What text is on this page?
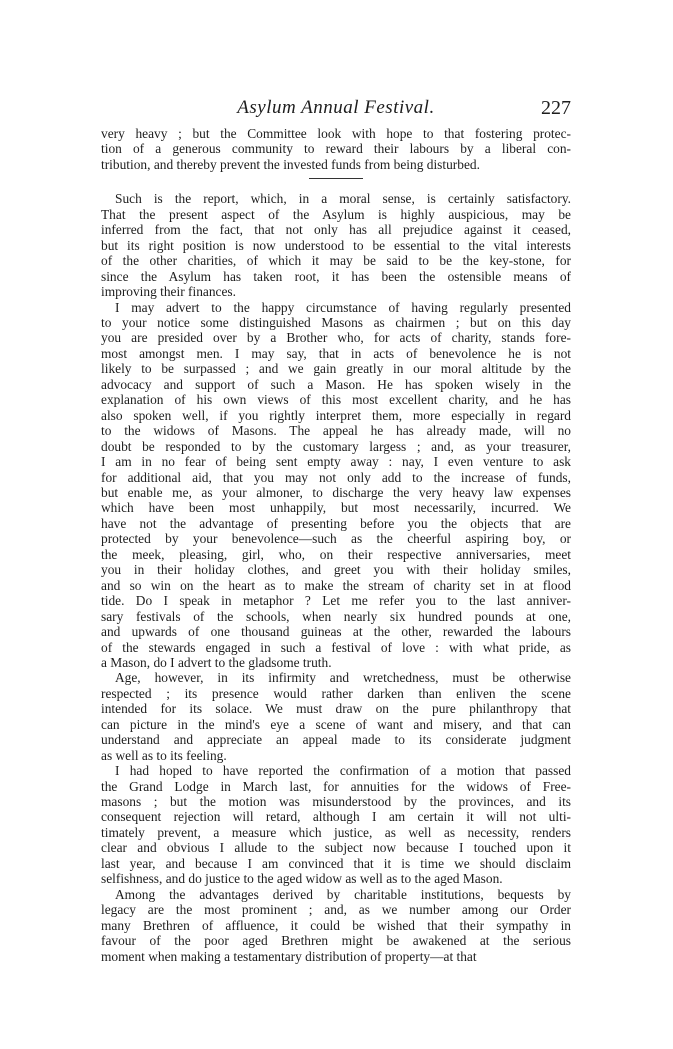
Asylum Annual Festival.	227
very heavy ; but the Committee look with hope to that fostering protec-
tion of a generous community to reward their labours by a liberal con-
tribution, and thereby prevent the invested funds from being disturbed.
Such is the report, which, in a moral sense, is certainly satisfactory.
That the present aspect of the Asylum is highly auspicious, may be
inferred from the fact, that not only has all prejudice against it ceased,
but its right position is now understood to be essential to the vital interests
of the other charities, of which it may be said to be the key-stone, for
since the Asylum has taken root, it has been the ostensible means of
improving their finances.
I may advert to the happy circumstance of having regularly presented
to your notice some distinguished Masons as chairmen ; but on this day
you are presided over by a Brother who, for acts of charity, stands fore-
most amongst men. I may say, that in acts of benevolence he is not
likely to be surpassed ; and we gain greatly in our moral altitude by the
advocacy and support of such a Mason. He has spoken wisely in the
explanation of his own views of this most excellent charity, and he has
also spoken well, if you rightly interpret them, more especially in regard
to the widows of Masons. The appeal he has already made, will no
doubt be responded to by the customary largess ; and, as your treasurer,
I am in no fear of being sent empty away : nay, I even venture to ask
for additional aid, that you may not only add to the increase of funds,
but enable me, as your almoner, to discharge the very heavy law expenses
which have been most unhappily, but most necessarily, incurred. We
have not the advantage of presenting before you the objects that are
protected by your benevolence—such as the cheerful aspiring boy, or
the meek, pleasing, girl, who, on their respective anniversaries, meet
you in their holiday clothes, and greet you with their holiday smiles,
and so win on the heart as to make the stream of charity set in at flood
tide. Do I speak in metaphor ? Let me refer you to the last anniver-
sary festivals of the schools, when nearly six hundred pounds at one,
and upwards of one thousand guineas at the other, rewarded the labours
of the stewards engaged in such a festival of love : with what pride, as
a Mason, do I advert to the gladsome truth.
Age, however, in its infirmity and wretchedness, must be otherwise
respected ; its presence would rather darken than enliven the scene
intended for its solace. We must draw on the pure philanthropy that
can picture in the mind's eye a scene of want and misery, and that can
understand and appreciate an appeal made to its considerate judgment
as well as to its feeling.
I had hoped to have reported the confirmation of a motion that passed
the Grand Lodge in March last, for annuities for the widows of Free-
masons ; but the motion was misunderstood by the provinces, and its
consequent rejection will retard, although I am certain it will not ulti-
timately prevent, a measure which justice, as well as necessity, renders
clear and obvious I allude to the subject now because I touched upon it
last year, and because I am convinced that it is time we should disclaim
selfishness, and do justice to the aged widow as well as to the aged Mason.
Among the advantages derived by charitable institutions, bequests by
legacy are the most prominent ; and, as we number among our Order
many Brethren of affluence, it could be wished that their sympathy in
favour of the poor aged Brethren might be awakened at the serious
moment when making a testamentary distribution of property—at that
